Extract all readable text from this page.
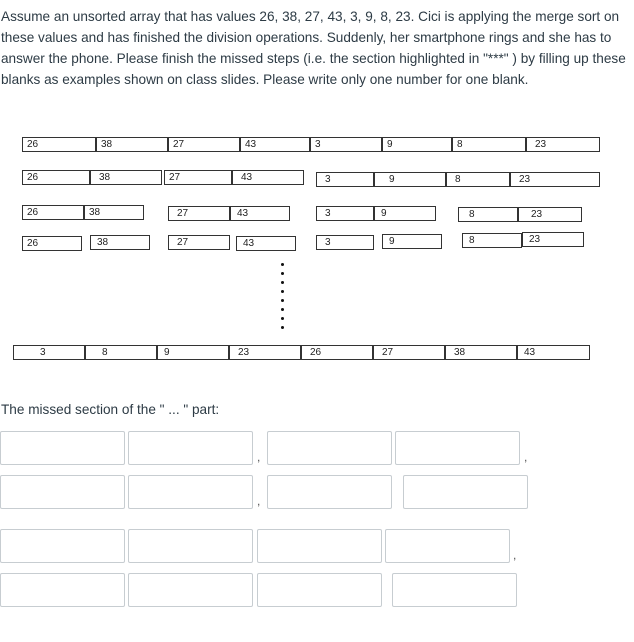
Assume an unsorted array that has values 26, 38, 27, 43, 3, 9, 8, 23. Cici is applying the merge sort on these values and has finished the division operations. Suddenly, her smartphone rings and she has to answer the phone. Please finish the missed steps (i.e. the section highlighted in "***" ) by filling up these blanks as examples shown on class slides. Please write only one number for one blank.
26	38	27	43	3	9	8	23
26	38	27	43	3	9	8	23
26	38	27	43	3	9	8	23
26	38	27	43	3	9	8	23
3	8	9	23	26	27	38	43
The missed section of the " ... " part:
,	,
,
,
